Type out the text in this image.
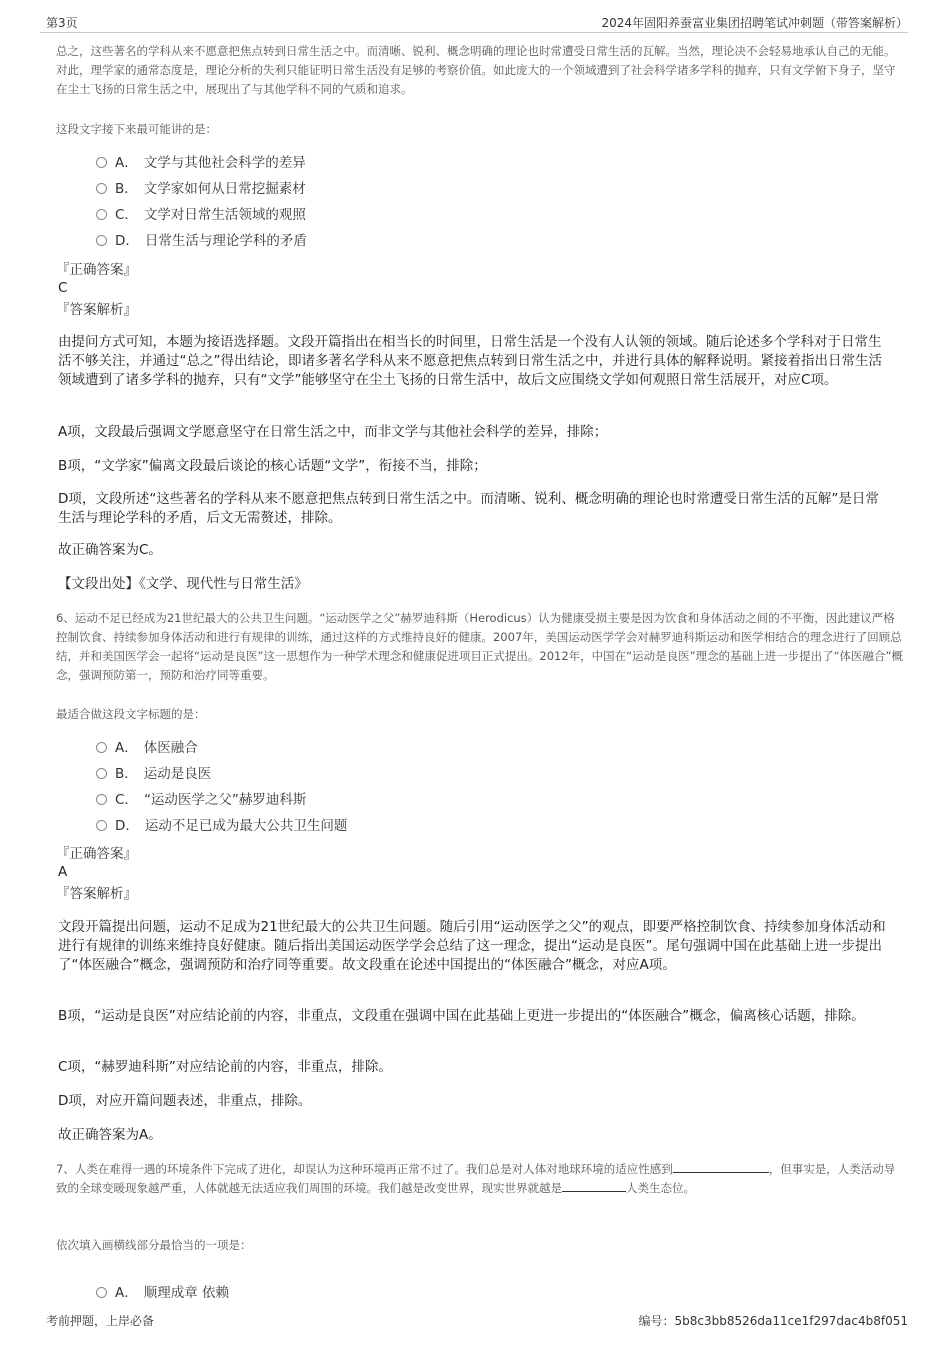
第3页	2024年固阳养蚕富业集团招聘笔试冲刺题（带答案解析）
总之，这些著名的学科从来不愿意把焦点转到日常生活之中。而清晰、锐利、概念明确的理论也时常遭受日常生活的瓦解。当然，理论决不会轻易地承认自己的无能。对此，理学家的通常态度是，理论分析的失利只能证明日常生活没有足够的考察价值。如此庞大的一个领域遭到了社会科学诸多学科的抛弃，只有文学俯下身子，坚守在尘土飞扬的日常生活之中，展现出了与其他学科不同的气质和追求。
这段文字接下来最可能讲的是：
A． 文学与其他社会科学的差异
B． 文学家如何从日常挖掘素材
C． 文学对日常生活领域的观照
D． 日常生活与理论学科的矛盾
『正确答案』
C
『答案解析』
由提问方式可知，本题为接语选择题。文段开篇指出在相当长的时间里，日常生活是一个没有人认领的领域。随后论述多个学科对于日常生活不够关注，并通过“总之”得出结论，即诸多著名学科从来不愿意把焦点转到日常生活之中，并进行具体的解释说明。紧接着指出日常生活领域遭到了诸多学科的抛弃，只有“文学”能够坚守在尘土飞扬的日常生活中，故后文应围绕文学如何观照日常生活展开，对应C项。
A项，文段最后强调文学愿意坚守在日常生活之中，而非文学与其他社会科学的差异，排除；
B项，“文学家”偏离文段最后谈论的核心话题“文学”，衔接不当，排除；
D项，文段所述“这些著名的学科从来不愿意把焦点转到日常生活之中。而清晰、锐利、概念明确的理论也时常遭受日常生活的瓦解”是日常生活与理论学科的矛盾，后文无需赘述，排除。
故正确答案为C。
【文段出处】《文学、现代性与日常生活》
6、运动不足已经成为21世纪最大的公共卫生问题。“运动医学之父”赫罗迪科斯（Herodicus）认为健康受损主要是因为饮食和身体活动之间的不平衡，因此建议严格控制饮食、持续参加身体活动和进行有规律的训练，通过这样的方式维持良好的健康。2007年，美国运动医学学会对赫罗迪科斯运动和医学相结合的理念进行了回顾总结，并和美国医学会一起将“运动是良医”这一思想作为一种学术理念和健康促进项目正式提出。2012年，中国在“运动是良医”理念的基础上进一步提出了“体医融合”概念，强调预防第一，预防和治疗同等重要。
最适合做这段文字标题的是：
A． 体医融合
B． 运动是良医
C． “运动医学之父”赫罗迪科斯
D． 运动不足已成为最大公共卫生问题
『正确答案』
A
『答案解析』
文段开篇提出问题，运动不足成为21世纪最大的公共卫生问题。随后引用“运动医学之父”的观点，即要严格控制饮食、持续参加身体活动和进行有规律的训练来维持良好健康。随后指出美国运动医学学会总结了这一理念，提出“运动是良医”。尾句强调中国在此基础上进一步提出了“体医融合”概念，强调预防和治疗同等重要。故文段重在论述中国提出的“体医融合”概念，对应A项。
B项，“运动是良医”对应结论前的内容，非重点，文段重在强调中国在此基础上更进一步提出的“体医融合”概念，偏离核心话题，排除。
C项，“赫罗迪科斯”对应结论前的内容，非重点，排除。
D项，对应开篇问题表述，非重点，排除。
故正确答案为A。
7、人类在难得一遇的环境条件下完成了进化，却误认为这种环境再正常不过了。我们总是对人体对地球环境的适应性感到	，但事实是，人类活动导致的全球变暖现象越严重，人体就越无法适应我们周围的环境。我们越是改变世界，现实世界就越是	人类生态位。
依次填入画横线部分最恰当的一项是：
A． 顺理成章 依赖
考前押题，上岸必备	编号：5b8c3bb8526da11ce1f297dac4b8f051
